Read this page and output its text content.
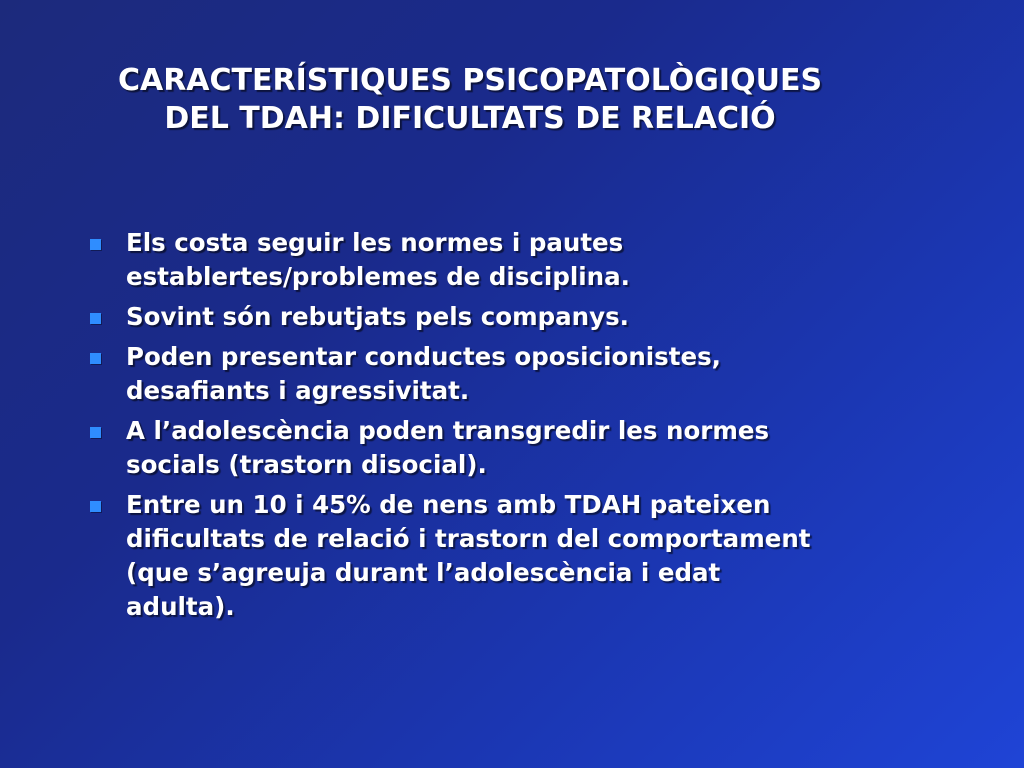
CARACTERÍSTIQUES PSICOPATOLÒGIQUES
DEL TDAH: DIFICULTATS DE RELACIÓ
Els costa seguir les normes i pautes
establertes/problemes de disciplina.
Sovint són rebutjats pels companys.
Poden presentar conductes oposicionistes,
desafiants i agressivitat.
A l’adolescència poden transgredir les normes
socials (trastorn disocial).
Entre un 10 i 45% de nens amb TDAH pateixen
dificultats de relació i trastorn del comportament
(que s’agreuja durant l’adolescència i edat
adulta).
